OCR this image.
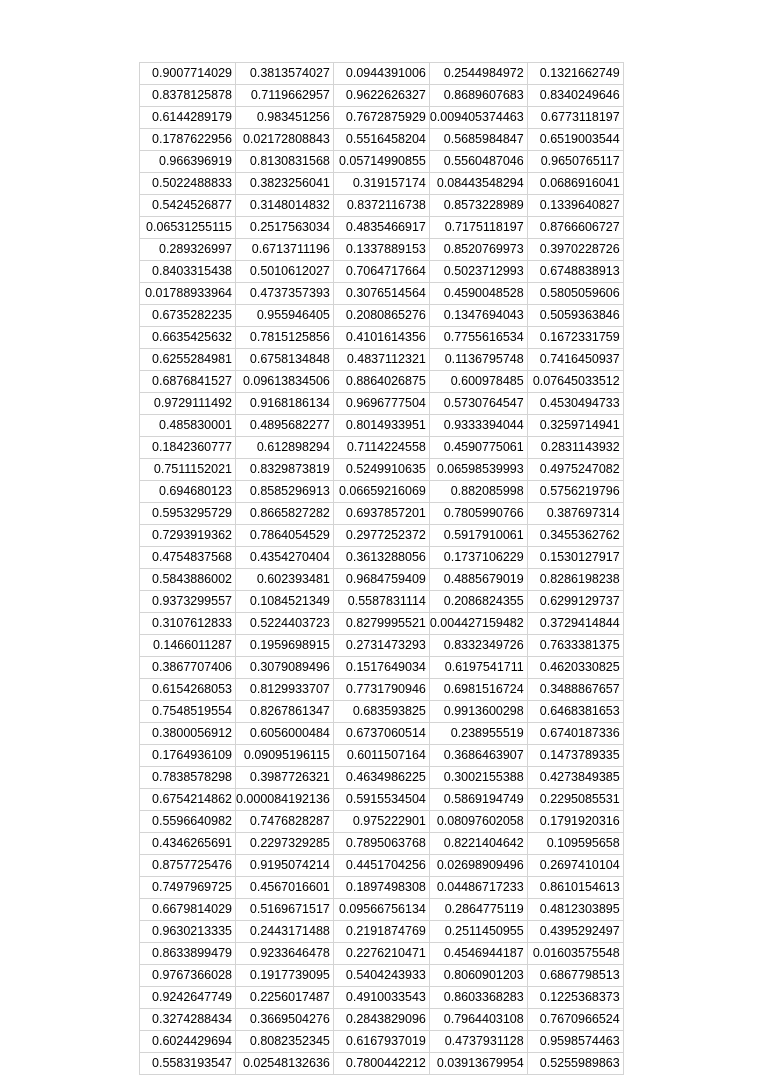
0.9007714029	0.3813574027	0.0944391006	0.2544984972	0.1321662749
0.8378125878	0.7119662957	0.9622626327	0.8689607683	0.8340249646
0.6144289179	0.983451256	0.7672875929	0.009405374463	0.6773118197
0.1787622956	0.02172808843	0.5516458204	0.5685984847	0.6519003544
0.966396919	0.8130831568	0.05714990855	0.5560487046	0.9650765117
0.5022488833	0.3823256041	0.319157174	0.08443548294	0.0686916041
0.5424526877	0.3148014832	0.8372116738	0.8573228989	0.1339640827
0.06531255115	0.2517563034	0.4835466917	0.7175118197	0.8766606727
0.289326997	0.6713711196	0.1337889153	0.8520769973	0.3970228726
0.8403315438	0.5010612027	0.7064717664	0.5023712993	0.6748838913
0.01788933964	0.4737357393	0.3076514564	0.4590048528	0.5805059606
0.6735282235	0.955946405	0.2080865276	0.1347694043	0.5059363846
0.6635425632	0.7815125856	0.4101614356	0.7755616534	0.1672331759
0.6255284981	0.6758134848	0.4837112321	0.1136795748	0.7416450937
0.6876841527	0.09613834506	0.8864026875	0.600978485	0.07645033512
0.9729111492	0.9168186134	0.9696777504	0.5730764547	0.4530494733
0.485830001	0.4895682277	0.8014933951	0.9333394044	0.3259714941
0.1842360777	0.612898294	0.7114224558	0.4590775061	0.2831143932
0.7511152021	0.8329873819	0.5249910635	0.06598539993	0.4975247082
0.694680123	0.8585296913	0.06659216069	0.882085998	0.5756219796
0.5953295729	0.8665827282	0.6937857201	0.7805990766	0.387697314
0.7293919362	0.7864054529	0.2977252372	0.5917910061	0.3455362762
0.4754837568	0.4354270404	0.3613288056	0.1737106229	0.1530127917
0.5843886002	0.602393481	0.9684759409	0.4885679019	0.8286198238
0.9373299557	0.1084521349	0.5587831114	0.2086824355	0.6299129737
0.3107612833	0.5224403723	0.8279995521	0.004427159482	0.3729414844
0.1466011287	0.1959698915	0.2731473293	0.8332349726	0.7633381375
0.3867707406	0.3079089496	0.1517649034	0.6197541711	0.4620330825
0.6154268053	0.8129933707	0.7731790946	0.6981516724	0.3488867657
0.7548519554	0.8267861347	0.683593825	0.9913600298	0.6468381653
0.3800056912	0.6056000484	0.6737060514	0.238955519	0.6740187336
0.1764936109	0.09095196115	0.6011507164	0.3686463907	0.1473789335
0.7838578298	0.3987726321	0.4634986225	0.3002155388	0.4273849385
0.6754214862	0.000084192136	0.5915534504	0.5869194749	0.2295085531
0.5596640982	0.7476828287	0.975222901	0.08097602058	0.1791920316
0.4346265691	0.2297329285	0.7895063768	0.8221404642	0.109595658
0.8757725476	0.9195074214	0.4451704256	0.02698909496	0.2697410104
0.7497969725	0.4567016601	0.1897498308	0.04486717233	0.8610154613
0.6679814029	0.5169671517	0.09566756134	0.2864775119	0.4812303895
0.9630213335	0.2443171488	0.2191874769	0.2511450955	0.4395292497
0.8633899479	0.9233646478	0.2276210471	0.4546944187	0.01603575548
0.9767366028	0.1917739095	0.5404243933	0.8060901203	0.6867798513
0.9242647749	0.2256017487	0.4910033543	0.8603368283	0.1225368373
0.3274288434	0.3669504276	0.2843829096	0.7964403108	0.7670966524
0.6024429694	0.8082352345	0.6167937019	0.4737931128	0.9598574463
0.5583193547	0.02548132636	0.7800442212	0.03913679954	0.5255989863
